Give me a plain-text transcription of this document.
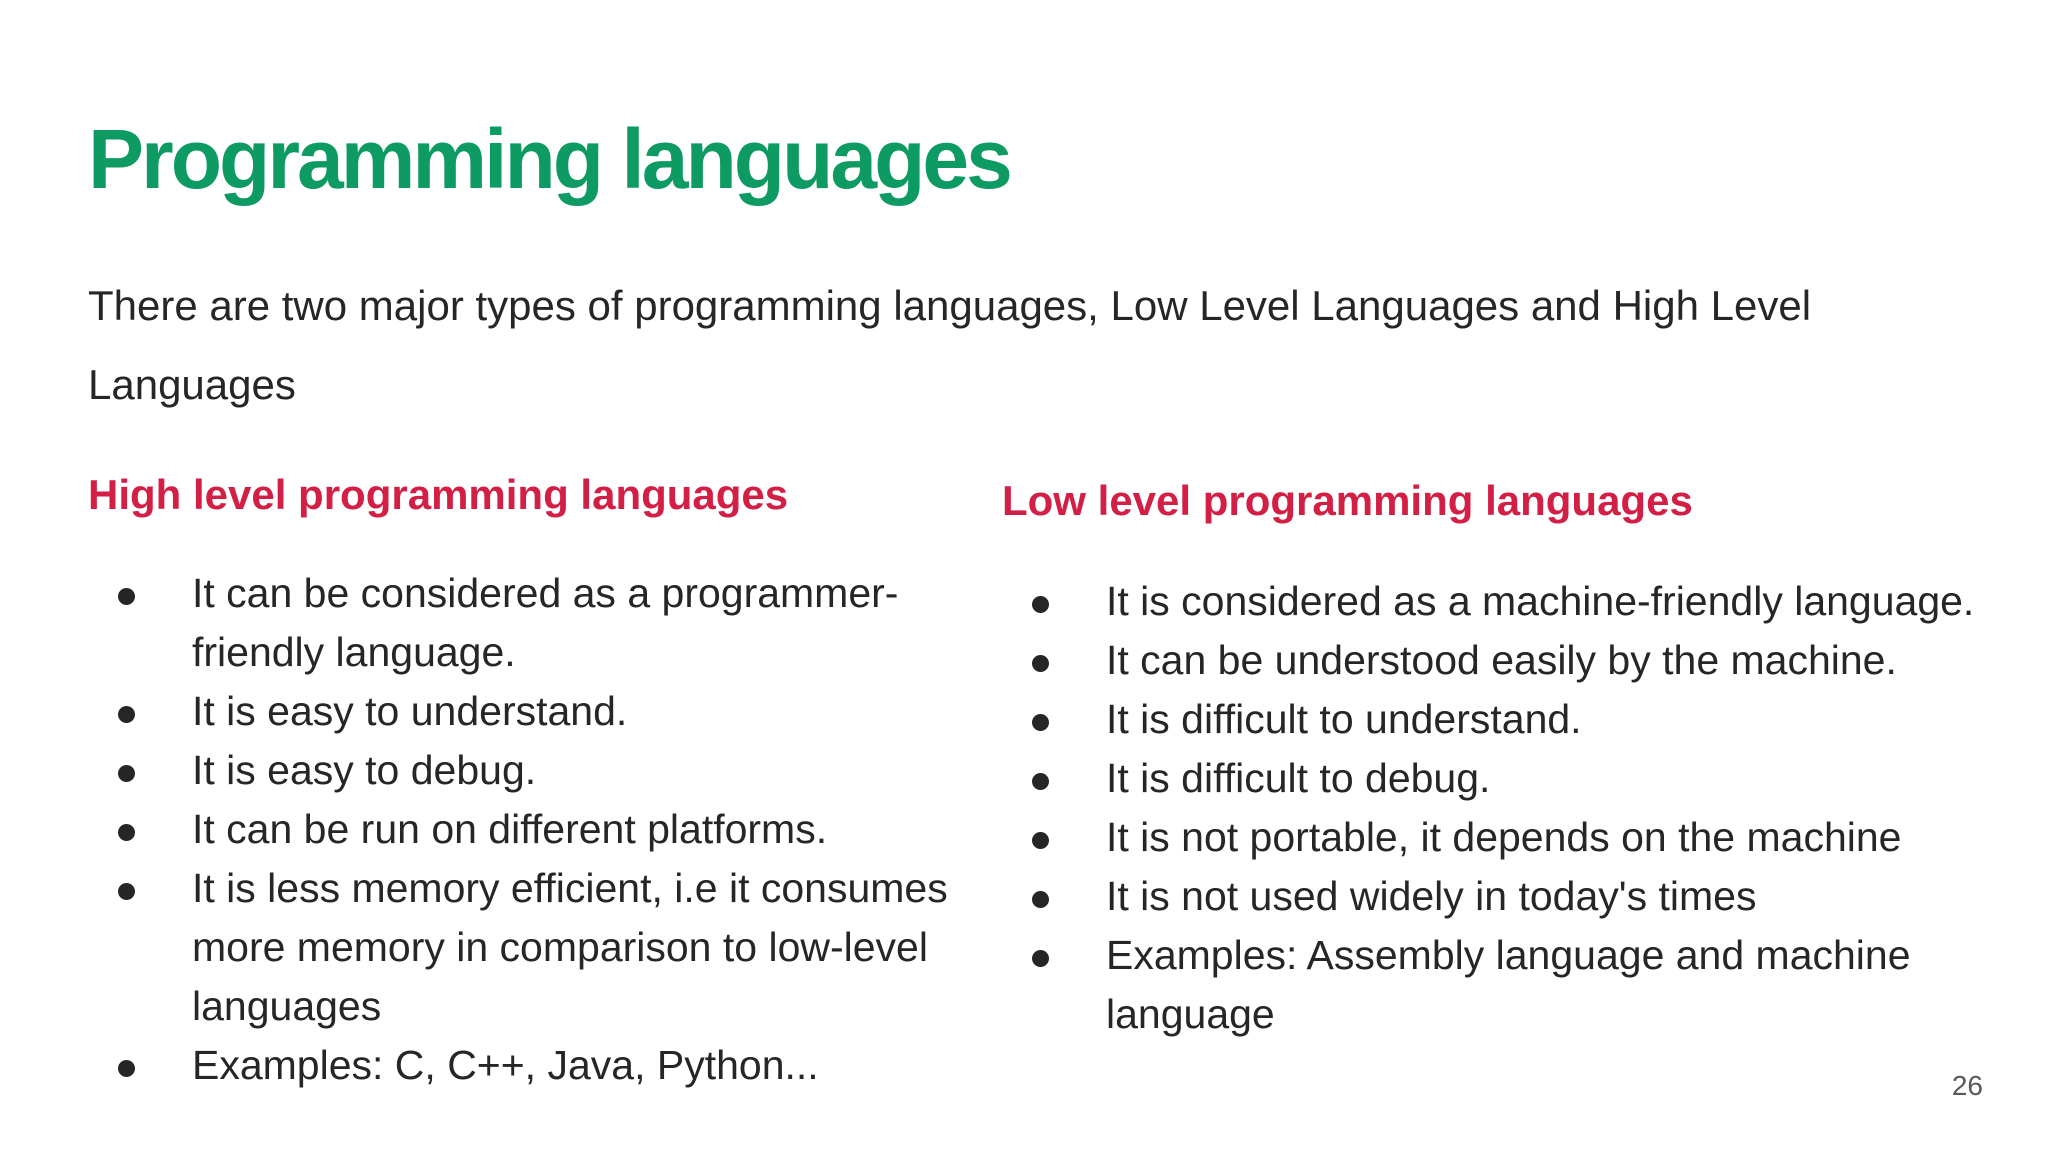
Programming languages

There are two major types of programming languages, Low Level Languages and High Level Languages

High level programming languages
It can be considered as a programmer-friendly language.
It is easy to understand.
It is easy to debug.
It can be run on different platforms.
It is less memory efficient, i.e it consumes more memory in comparison to low-level languages
Examples: C, C++, Java, Python...
Low level programming languages
It is considered as a machine-friendly language.
It can be understood easily by the machine.
It is difficult to understand.
It is difficult to debug.
It is not portable, it depends on the machine
It is not used widely in today's times
Examples: Assembly language and machine language
26
